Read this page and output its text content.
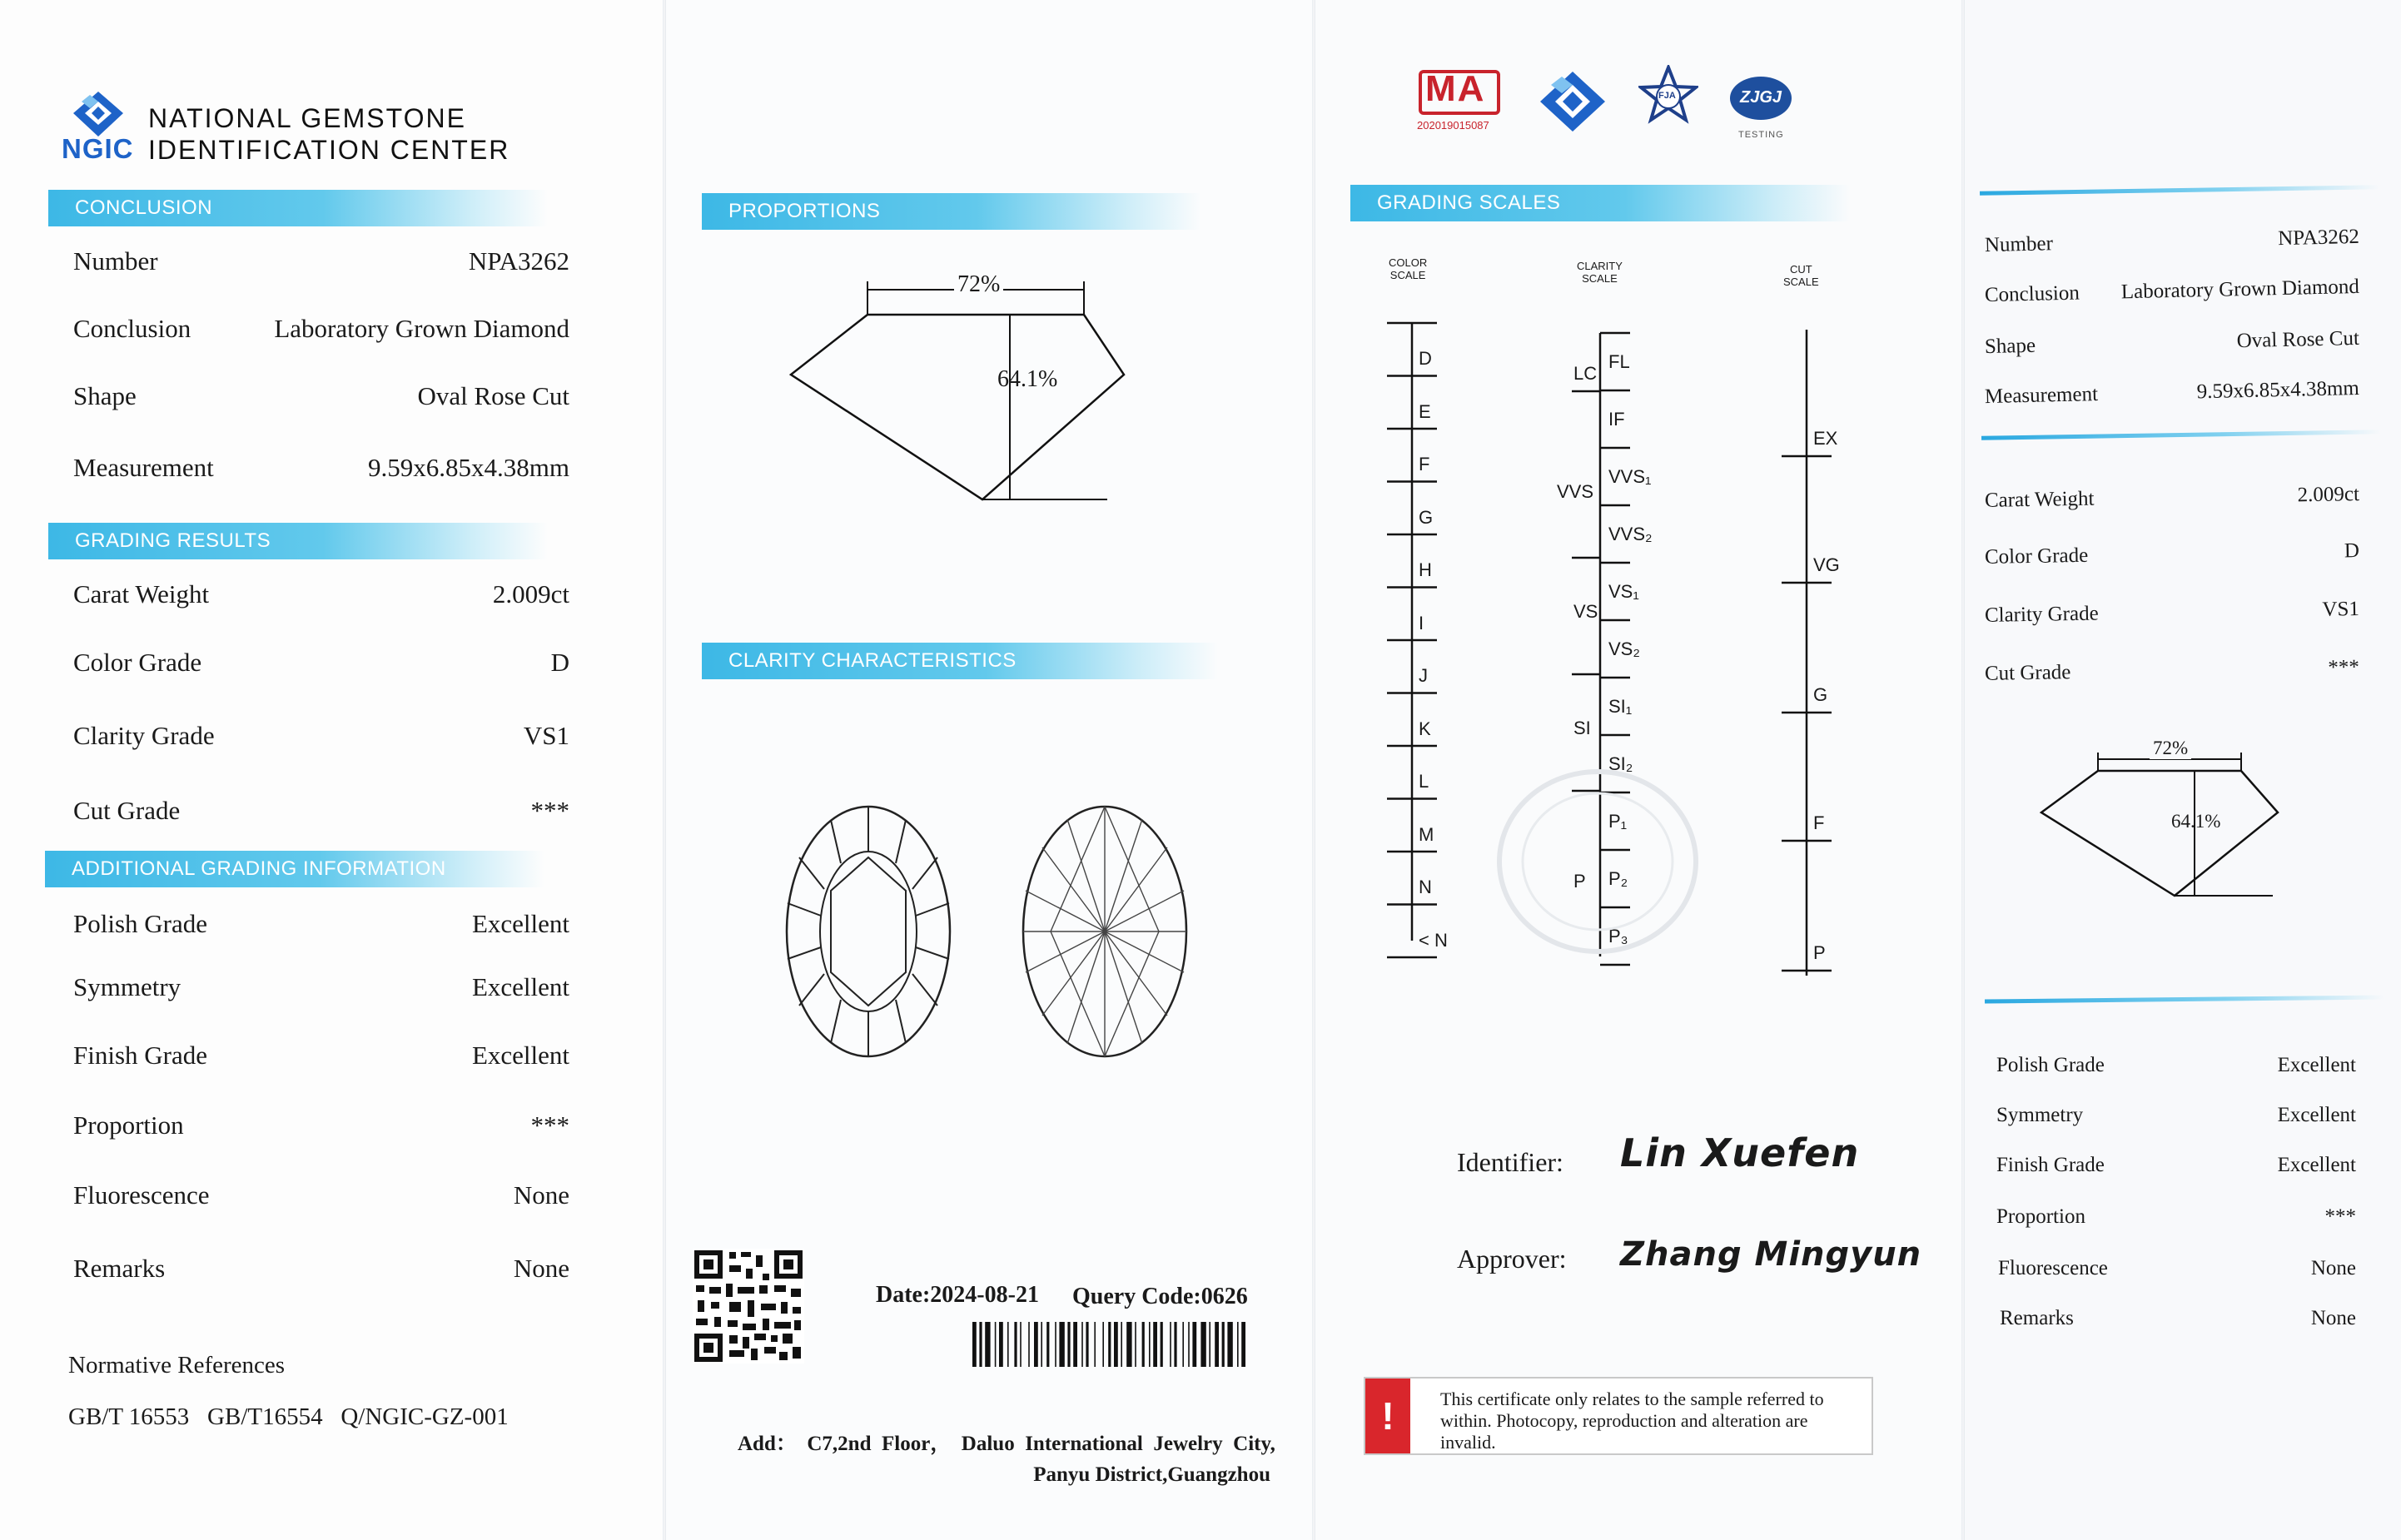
NGIC
NATIONAL GEMSTONE
IDENTIFICATION CENTER
CONCLUSION
Number	NPA3262
Conclusion	Laboratory Grown Diamond
Shape	Oval Rose Cut
Measurement	9.59x6.85x4.38mm
GRADING RESULTS
Carat Weight	2.009ct
Color Grade	D
Clarity Grade	VS1
Cut Grade	***
ADDITIONAL GRADING INFORMATION
Polish Grade	Excellent
Symmetry	Excellent
Finish Grade	Excellent
Proportion	***
Fluorescence	None
Remarks	None
Normative References
GB/T 16553   GB/T16554   Q/NGIC-GZ-001
PROPORTIONS
72%
64.1%
CLARITY CHARACTERISTICS
Date:2024-08-21 Query Code:0626
Add：  C7,2nd  Floor，  Daluo  International  Jewelry  City,
Panyu District,Guangzhou
MA
202019015087
FJA	ZJGJ
TESTING
GRADING SCALES
COLOR
SCALE
CLARITY
SCALE
CUT
SCALE
D
E
F
G
H
I
J
K
L
M
N
< N
FL
IF
VVS₁
VVS₂
VS₁
VS₂
SI₁
SI₂
P₁
P₂
P₃
LC
VVS
VS
SI
P
EX
VG
G
F
P
Identifier: Lin Xuefen
Approver: Zhang Mingyun
!	This certificate only relates to the sample referred to within. Photocopy, reproduction and alteration are invalid.
72%
64.1%
Number	NPA3262
Conclusion Laboratory Grown Diamond
Shape	Oval Rose Cut
Measurement	9.59x6.85x4.38mm
Carat Weight	2.009ct
Color Grade	D
Clarity Grade	VS1
Cut Grade	***
Polish Grade	Excellent
Symmetry	Excellent
Finish Grade	Excellent
Proportion	***
Fluorescence	None
Remarks	None
